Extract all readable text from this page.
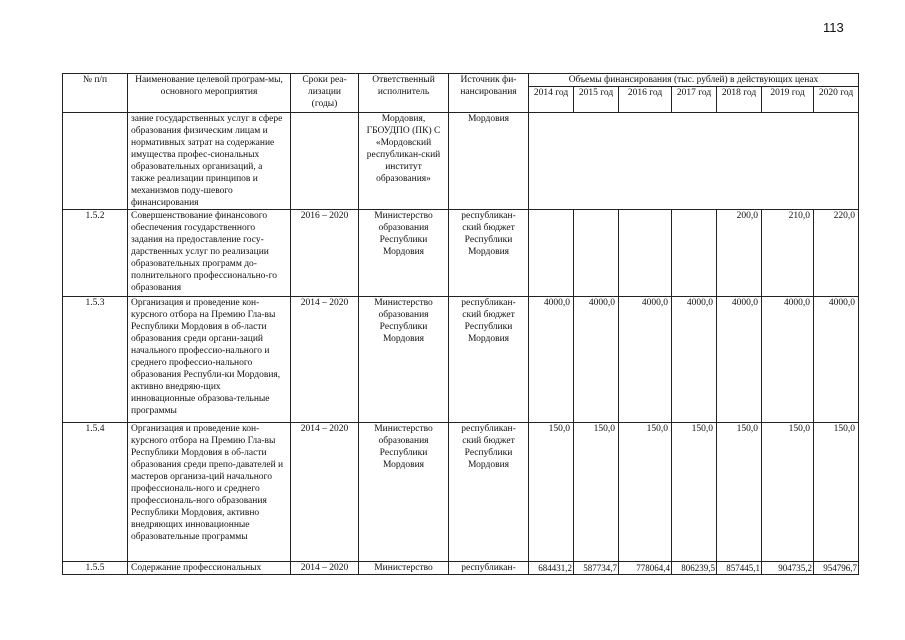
113
№ п/п	Наименование целевой програм-мы, основного мероприятия	Сроки реа-лизации (годы)	Ответственный исполнитель	Источник фи-нансирования	Объемы финансирования (тыс. рублей) в действующих ценах						
					2014 год	2015 год	2016 год	2017 год	2018 год	2019 год	2020 год
	зание государственных услуг в сфере образования физическим лицам и нормативных затрат на содержание имущества профес-сиональных образовательных организаций, а также реализации принципов и механизмов поду-шевого финансирования		Мордовия, ГБОУДПО (ПК) С «Мордовский республикан-ский институт образования»	Мордовия							
1.5.2	Совершенствование финансового обеспечения государственного задания на предоставление госу-дарственных услуг по реализации образовательных программ до-полнительного профессионально-го образования	2016 – 2020	Министерство образования Республики Мордовия	республикан-ский бюджет Республики Мордовия					200,0	210,0	220,0
1.5.3	Организация и проведение кон-курсного отбора на Премию Гла-вы Республики Мордовия в об-ласти образования среди органи-заций начального профессио-нального и среднего профессио-нального образования Республи-ки Мордовия, активно внедряю-щих инновационные образова-тельные программы	2014 – 2020	Министерство образования Республики Мордовия	республикан-ский бюджет Республики Мордовия	4000,0	4000,0	4000,0	4000,0	4000,0	4000,0	4000,0
1.5.4	Организация и проведение кон-курсного отбора на Премию Гла-вы Республики Мордовия в об-ласти образования среди препо-давателей и мастеров организа-ций начального профессиональ-ного и среднего профессиональ-ного образования Республики Мордовия, активно внедряющих инновационные образовательные программы	2014 – 2020	Министерство образования Республики Мордовия	республикан-ский бюджет Республики Мордовия	150,0	150,0	150,0	150,0	150,0	150,0	150,0
1.5.5	Содержание профессиональных	2014 – 2020	Министерство	республикан-	684431,2	587734,7	778064,4	806239,5	857445,1	904735,2	954796,7
